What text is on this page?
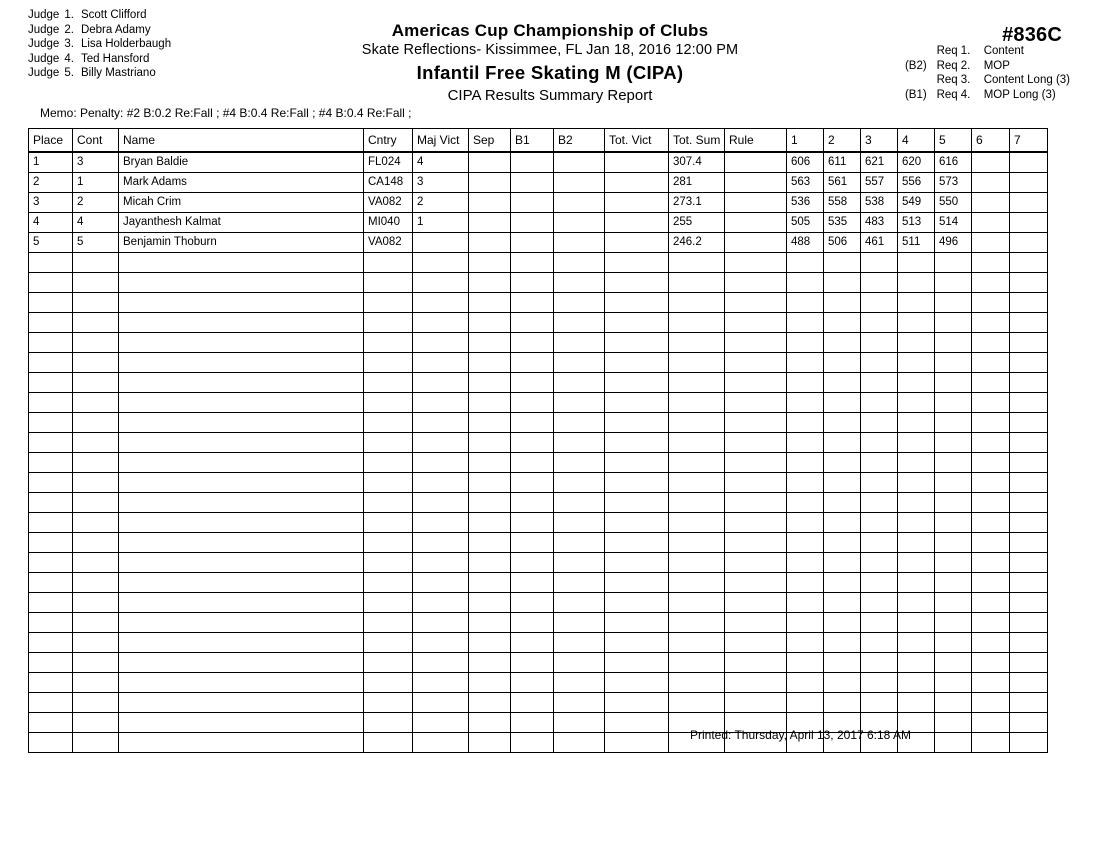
Judge 1. Scott Clifford
Judge 2. Debra Adamy
Judge 3. Lisa Holderbaugh
Judge 4. Ted Hansford
Judge 5. Billy Mastriano
Americas Cup Championship of Clubs
Skate Reflections- Kissimmee, FL Jan 18, 2016 12:00 PM
Infantil Free Skating M (CIPA)
CIPA Results Summary Report
#836C
Req 1.	Content
(B2) Req 2.	MOP
Req 3.	Content Long (3)
(B1) Req 4.	MOP Long (3)
Memo: Penalty: #2 B:0.2 Re:Fall ; #4 B:0.4 Re:Fall ; #4 B:0.4 Re:Fall ;
Place	Cont	Name	Cntry	Maj Vict	Sep	B1	B2	Tot. Vict	Tot. Sum	Rule	1	2	3	4	5	6	7
1	3	Bryan Baldie	FL024	4					307.4		606	611	621	620	616		
2	1	Mark Adams	CA148	3					281		563	561	557	556	573		
3	2	Micah Crim	VA082	2					273.1		536	558	538	549	550		
4	4	Jayanthesh Kalmat	MI040	1					255		505	535	483	513	514		
5	5	Benjamin Thoburn	VA082						246.2		488	506	461	511	496		

Printed: Thursday, April 13, 2017 6:18 AM
